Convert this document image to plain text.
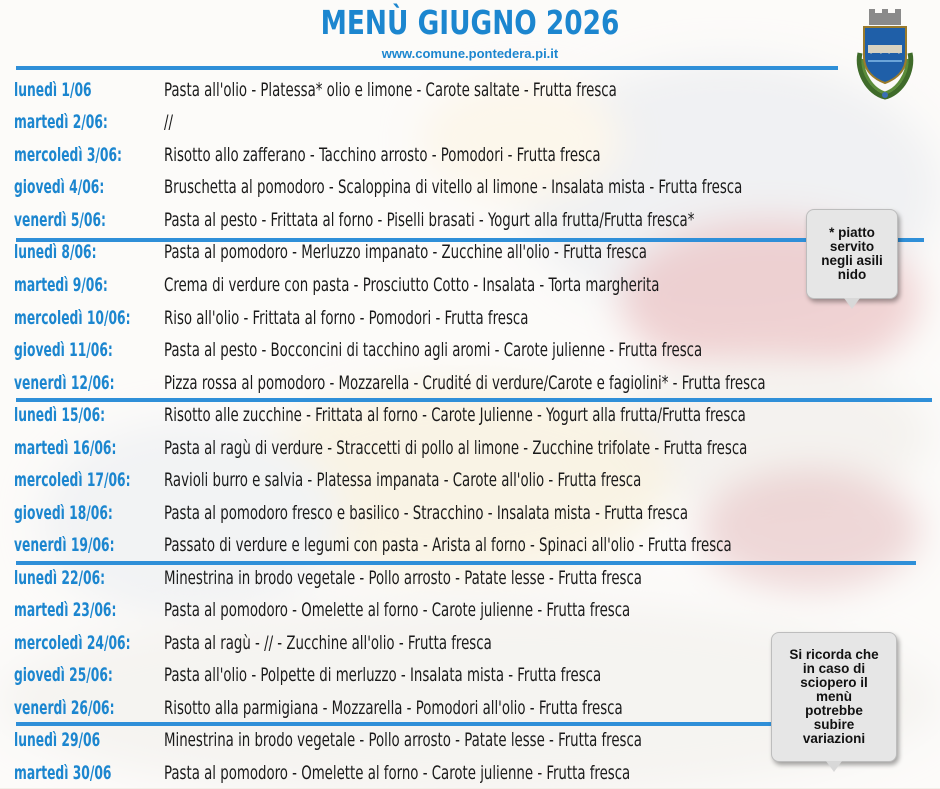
MENÙ GIUGNO 2026
www.comune.pontedera.pi.it
lunedì 1/06	Pasta all'olio - Platessa* olio e limone - Carote saltate - Frutta fresca
martedì 2/06:	//
mercoledì 3/06: Risotto allo zafferano - Tacchino arrosto - Pomodori - Frutta fresca
giovedì 4/06:	Bruschetta al pomodoro - Scaloppina di vitello al limone - Insalata mista - Frutta fresca
venerdì 5/06:	Pasta al pesto - Frittata al forno - Piselli brasati - Yogurt alla frutta/Frutta fresca*
lunedì 8/06:	Pasta al pomodoro - Merluzzo impanato - Zucchine all'olio - Frutta fresca
martedì 9/06:	Crema di verdure con pasta - Prosciutto Cotto - Insalata - Torta margherita
mercoledì 10/06: Riso all'olio - Frittata al forno - Pomodori - Frutta fresca
giovedì 11/06:	Pasta al pesto - Bocconcini di tacchino agli aromi - Carote julienne - Frutta fresca
venerdì 12/06:	Pizza rossa al pomodoro - Mozzarella - Crudité di verdure/Carote e fagiolini* - Frutta fresca
lunedì 15/06:	Risotto alle zucchine - Frittata al forno - Carote Julienne - Yogurt alla frutta/Frutta fresca
martedì 16/06:	Pasta al ragù di verdure - Straccetti di pollo al limone - Zucchine trifolate - Frutta fresca
mercoledì 17/06: Ravioli burro e salvia - Platessa impanata - Carote all'olio - Frutta fresca
giovedì 18/06:	Pasta al pomodoro fresco e basilico - Stracchino - Insalata mista - Frutta fresca
venerdì 19/06:	Passato di verdure e legumi con pasta - Arista al forno - Spinaci all'olio - Frutta fresca
lunedì 22/06:	Minestrina in brodo vegetale - Pollo arrosto - Patate lesse - Frutta fresca
martedì 23/06:	Pasta al pomodoro - Omelette al forno - Carote julienne - Frutta fresca
mercoledì 24/06: Pasta al ragù - // - Zucchine all'olio - Frutta fresca
giovedì 25/06:	Pasta all'olio - Polpette di merluzzo - Insalata mista - Frutta fresca
venerdì 26/06:	Risotto alla parmigiana - Mozzarella - Pomodori all'olio - Frutta fresca
lunedì 29/06	Minestrina in brodo vegetale - Pollo arrosto - Patate lesse - Frutta fresca
martedì 30/06	Pasta al pomodoro - Omelette al forno - Carote julienne - Frutta fresca
* piatto
servito
negli asili
nido
Si ricorda che
in caso di
sciopero il
menù
potrebbe
subire
variazioni
